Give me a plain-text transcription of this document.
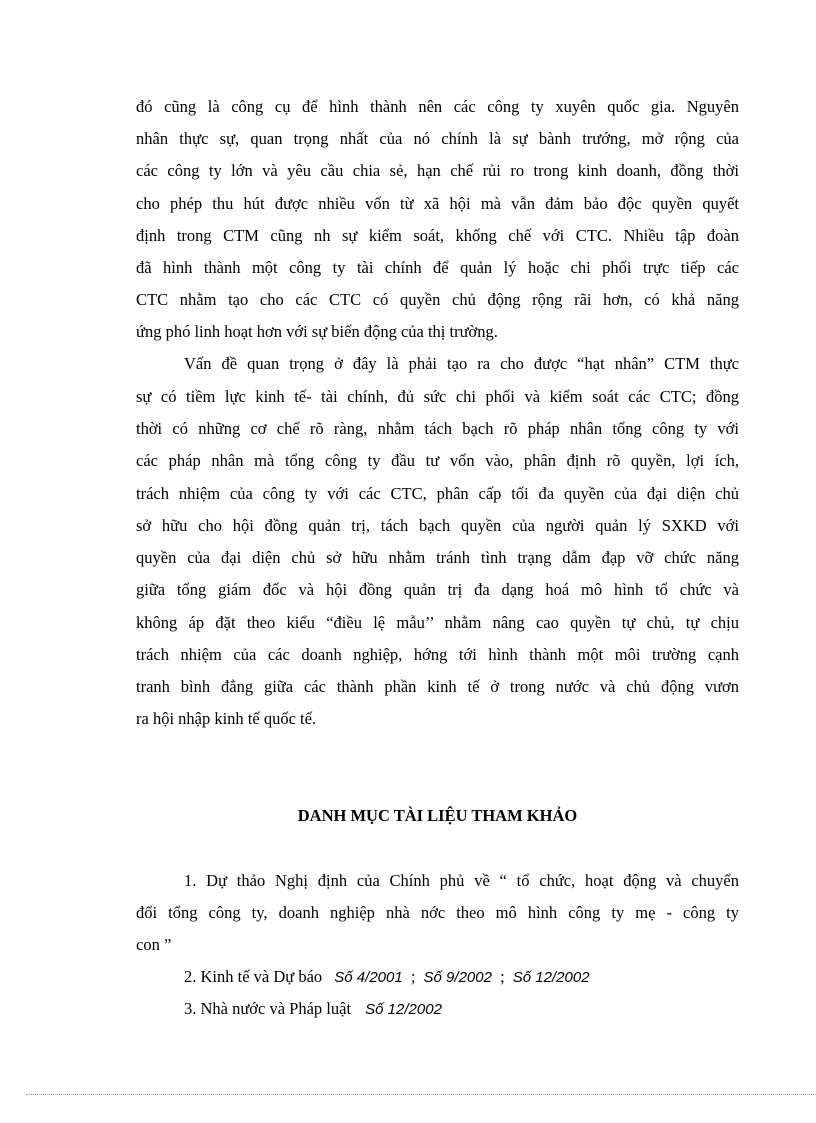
đó cũng là công cụ để hình thành nên các công ty xuyên quốc gia. Nguyên
nhân thực sự, quan trọng nhất của nó chính là sự bành trướng, mở rộng của
các công ty lớn và yêu cầu chia sẻ, hạn chế rủi ro trong kinh doanh, đồng thời
cho phép thu hút được nhiều vốn từ xã hội mà vẫn đảm bảo độc quyền quyết
định trong CTM cũng nh sự kiểm soát, khống chế với CTC. Nhiều tập đoàn
đã hình thành một công ty tài chính để quản lý hoặc chi phối trực tiếp các
CTC nhằm tạo cho các CTC có quyền chủ động rộng rãi hơn, có khả năng
ứng phó linh hoạt hơn với sự biến động của thị trường.
Vấn đề quan trọng ở đây là phải tạo ra cho được “hạt nhân” CTM thực
sự có tiềm lực kinh tế- tài chính, đủ sức chi phối và kiểm soát các CTC; đồng
thời có những cơ chế rõ ràng, nhằm tách bạch rõ pháp nhân tổng công ty với
các pháp nhân mà tổng công ty đầu tư vốn vào, phân định rõ quyền, lợi ích,
trách nhiệm của công ty với các CTC, phân cấp tối đa quyền của đại diện chủ
sở hữu cho hội đồng quản trị, tách bạch quyền của người quản lý SXKD với
quyền của đại diện chủ sở hữu nhằm tránh tình trạng dẫm đạp vỡ chức năng
giữa tổng giám đốc và hội đồng quản trị đa dạng hoá mô hình tổ chức và
không áp đặt theo kiểu “điều lệ mẫu’’ nhằm nâng cao quyền tự chủ, tự chịu
trách nhiệm của các doanh nghiệp, hớng tới hình thành một môi trường cạnh
tranh bình đẳng giữa các thành phần kinh tế ở trong nước và chủ động vươn
ra hội nhập kinh tế quốc tế.
DANH MỤC TÀI LIỆU THAM KHẢO
1. Dự thảo Nghị định của Chính phủ về “ tổ chức, hoạt động và chuyển
đổi tổng công ty, doanh nghiệp nhà nớc theo mô hình công ty mẹ - công ty
con ”
2. Kinh tế và Dự báo Số 4/2001 ; Số 9/2002 ; Số 12/2002
3. Nhà nước và Pháp luật Số 12/2002
